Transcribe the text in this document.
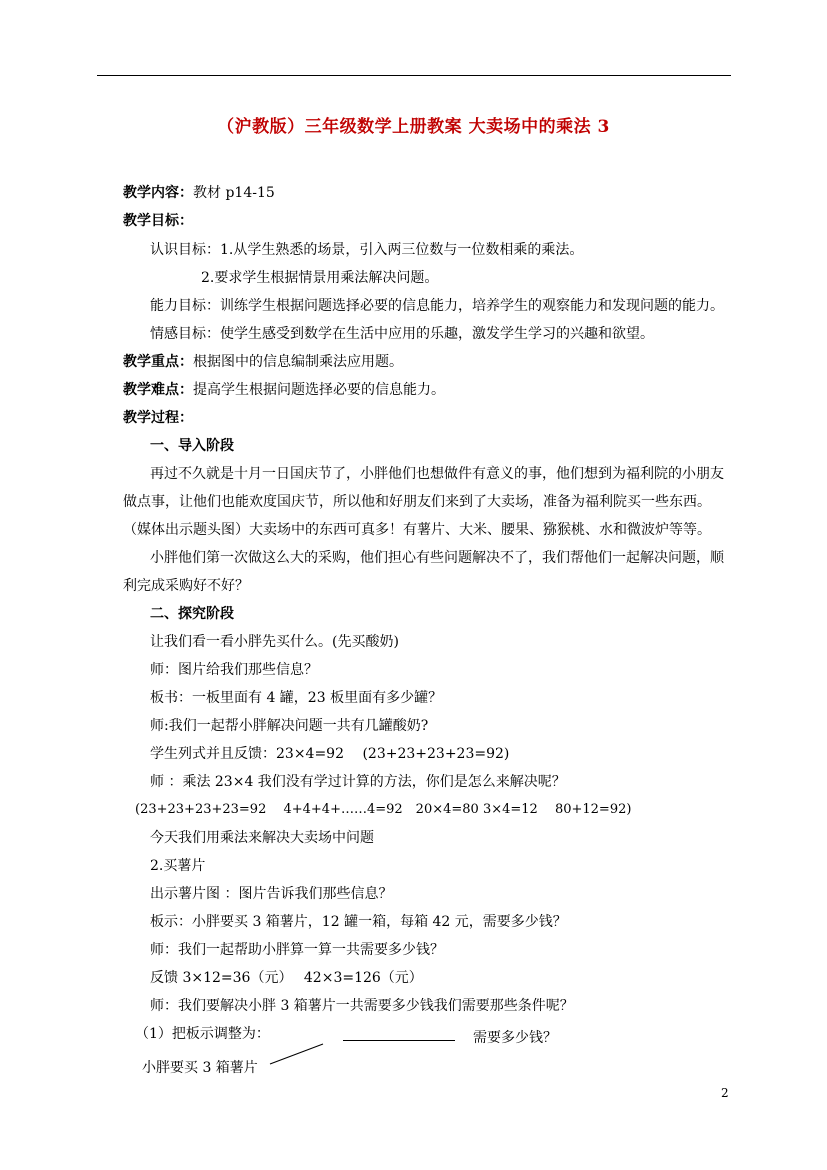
（沪教版）三年级数学上册教案 大卖场中的乘法 3
教学内容：教材 p14-15
教学目标：
认识目标：1.从学生熟悉的场景，引入两三位数与一位数相乘的乘法。
2.要求学生根据情景用乘法解决问题。
能力目标：训练学生根据问题选择必要的信息能力，培养学生的观察能力和发现问题的能力。
情感目标：使学生感受到数学在生活中应用的乐趣，激发学生学习的兴趣和欲望。
教学重点：根据图中的信息编制乘法应用题。
教学难点：提高学生根据问题选择必要的信息能力。
教学过程：
一、导入阶段
再过不久就是十月一日国庆节了，小胖他们也想做件有意义的事，他们想到为福利院的小朋友
做点事，让他们也能欢度国庆节，所以他和好朋友们来到了大卖场，准备为福利院买一些东西。
（媒体出示题头图）大卖场中的东西可真多！有薯片、大米、腰果、猕猴桃、水和微波炉等等。
小胖他们第一次做这么大的采购，他们担心有些问题解决不了，我们帮他们一起解决问题，顺
利完成采购好不好？
二、探究阶段
让我们看一看小胖先买什么。(先买酸奶)
师：图片给我们那些信息？
板书：一板里面有 4 罐，23 板里面有多少罐？
师:我们一起帮小胖解决问题一共有几罐酸奶?
学生列式并且反馈：23×4=92　 (23+23+23+23=92)
师 ：乘法 23×4 我们没有学过计算的方法，你们是怎么来解决呢？
(23+23+23+23=92　 4+4+4+……4=92　20×4=80 3×4=12　 80+12=92)
今天我们用乘法来解决大卖场中问题
2.买薯片
出示薯片图 ：图片告诉我们那些信息？
板示：小胖要买 3 箱薯片，12 罐一箱，每箱 42 元，需要多少钱？
师：我们一起帮助小胖算一算一共需要多少钱？
反馈 3×12=36（元）　 42×3=126（元）
师：我们要解决小胖 3 箱薯片一共需要多少钱我们需要那些条件呢？
（1）把板示调整为：	需要多少钱？
小胖要买 3 箱薯片
2
